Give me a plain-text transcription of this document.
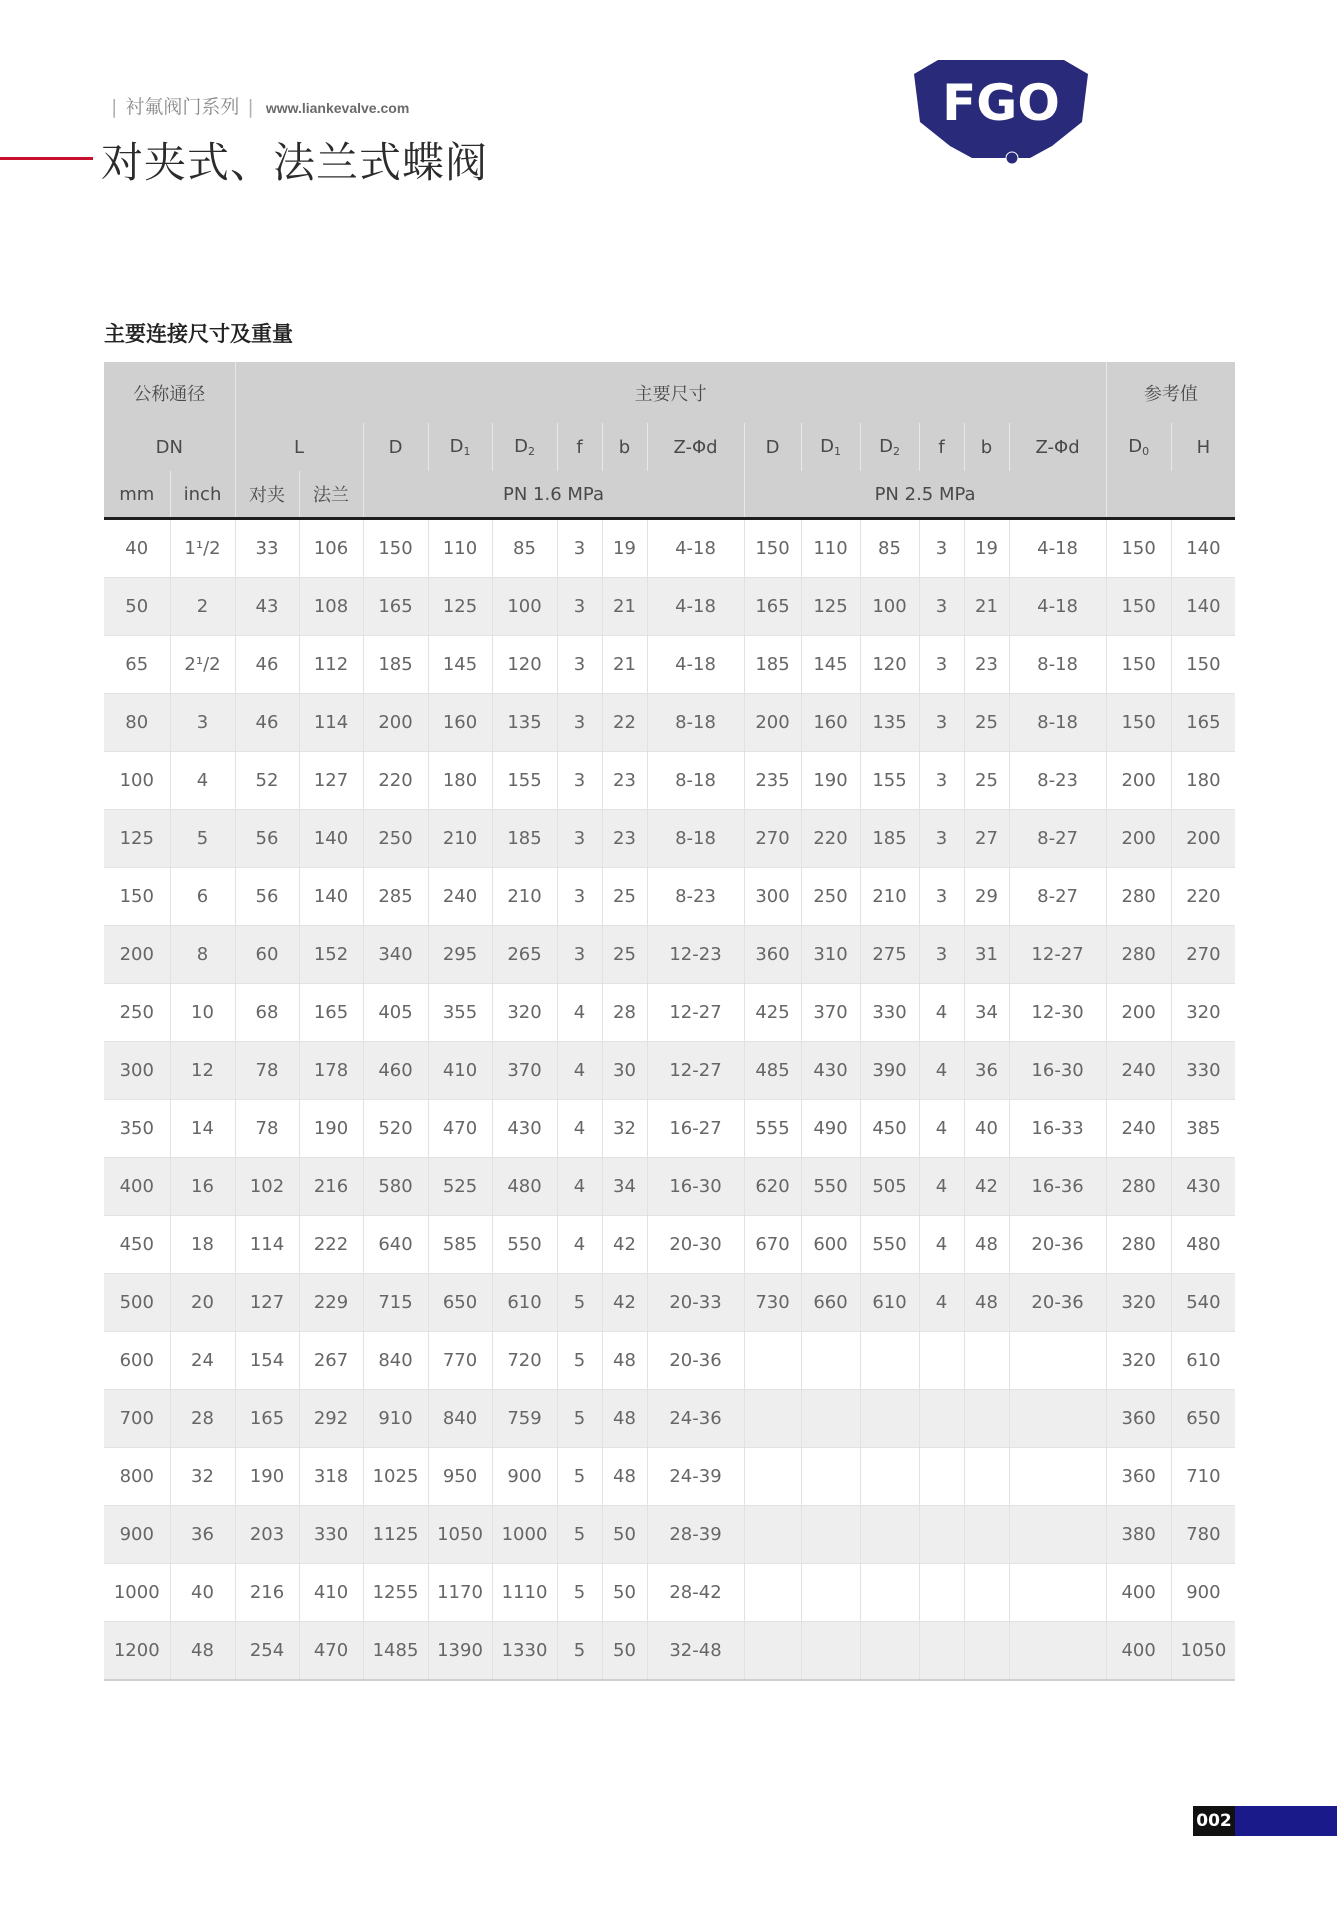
| 衬氟阀门系列 | www.liankevalve.com
对夹式、法兰式蝶阀
FGO
主要连接尺寸及重量
公称通径		主要尺寸														参考值	
DN		L		D	$D_1$	$D_2$	f	b	Z-Φd	D	$D_1$	$D_2$	f	b	Z-Φd	$D_0$	H
mm	inch	对夹	法兰	PN 1.6 MPa						PN 2.5 MPa							
40	1¹/2	33	106	150	110	85	3	19	4-18	150	110	85	3	19	4-18	150	140
50	2	43	108	165	125	100	3	21	4-18	165	125	100	3	21	4-18	150	140
65	2¹/2	46	112	185	145	120	3	21	4-18	185	145	120	3	23	8-18	150	150
80	3	46	114	200	160	135	3	22	8-18	200	160	135	3	25	8-18	150	165
100	4	52	127	220	180	155	3	23	8-18	235	190	155	3	25	8-23	200	180
125	5	56	140	250	210	185	3	23	8-18	270	220	185	3	27	8-27	200	200
150	6	56	140	285	240	210	3	25	8-23	300	250	210	3	29	8-27	280	220
200	8	60	152	340	295	265	3	25	12-23	360	310	275	3	31	12-27	280	270
250	10	68	165	405	355	320	4	28	12-27	425	370	330	4	34	12-30	200	320
300	12	78	178	460	410	370	4	30	12-27	485	430	390	4	36	16-30	240	330
350	14	78	190	520	470	430	4	32	16-27	555	490	450	4	40	16-33	240	385
400	16	102	216	580	525	480	4	34	16-30	620	550	505	4	42	16-36	280	430
450	18	114	222	640	585	550	4	42	20-30	670	600	550	4	48	20-36	280	480
500	20	127	229	715	650	610	5	42	20-33	730	660	610	4	48	20-36	320	540
600	24	154	267	840	770	720	5	48	20-36							320	610
700	28	165	292	910	840	759	5	48	24-36							360	650
800	32	190	318	1025	950	900	5	48	24-39							360	710
900	36	203	330	1125	1050	1000	5	50	28-39							380	780
1000	40	216	410	1255	1170	1110	5	50	28-42							400	900
1200	48	254	470	1485	1390	1330	5	50	32-48							400	1050
002
